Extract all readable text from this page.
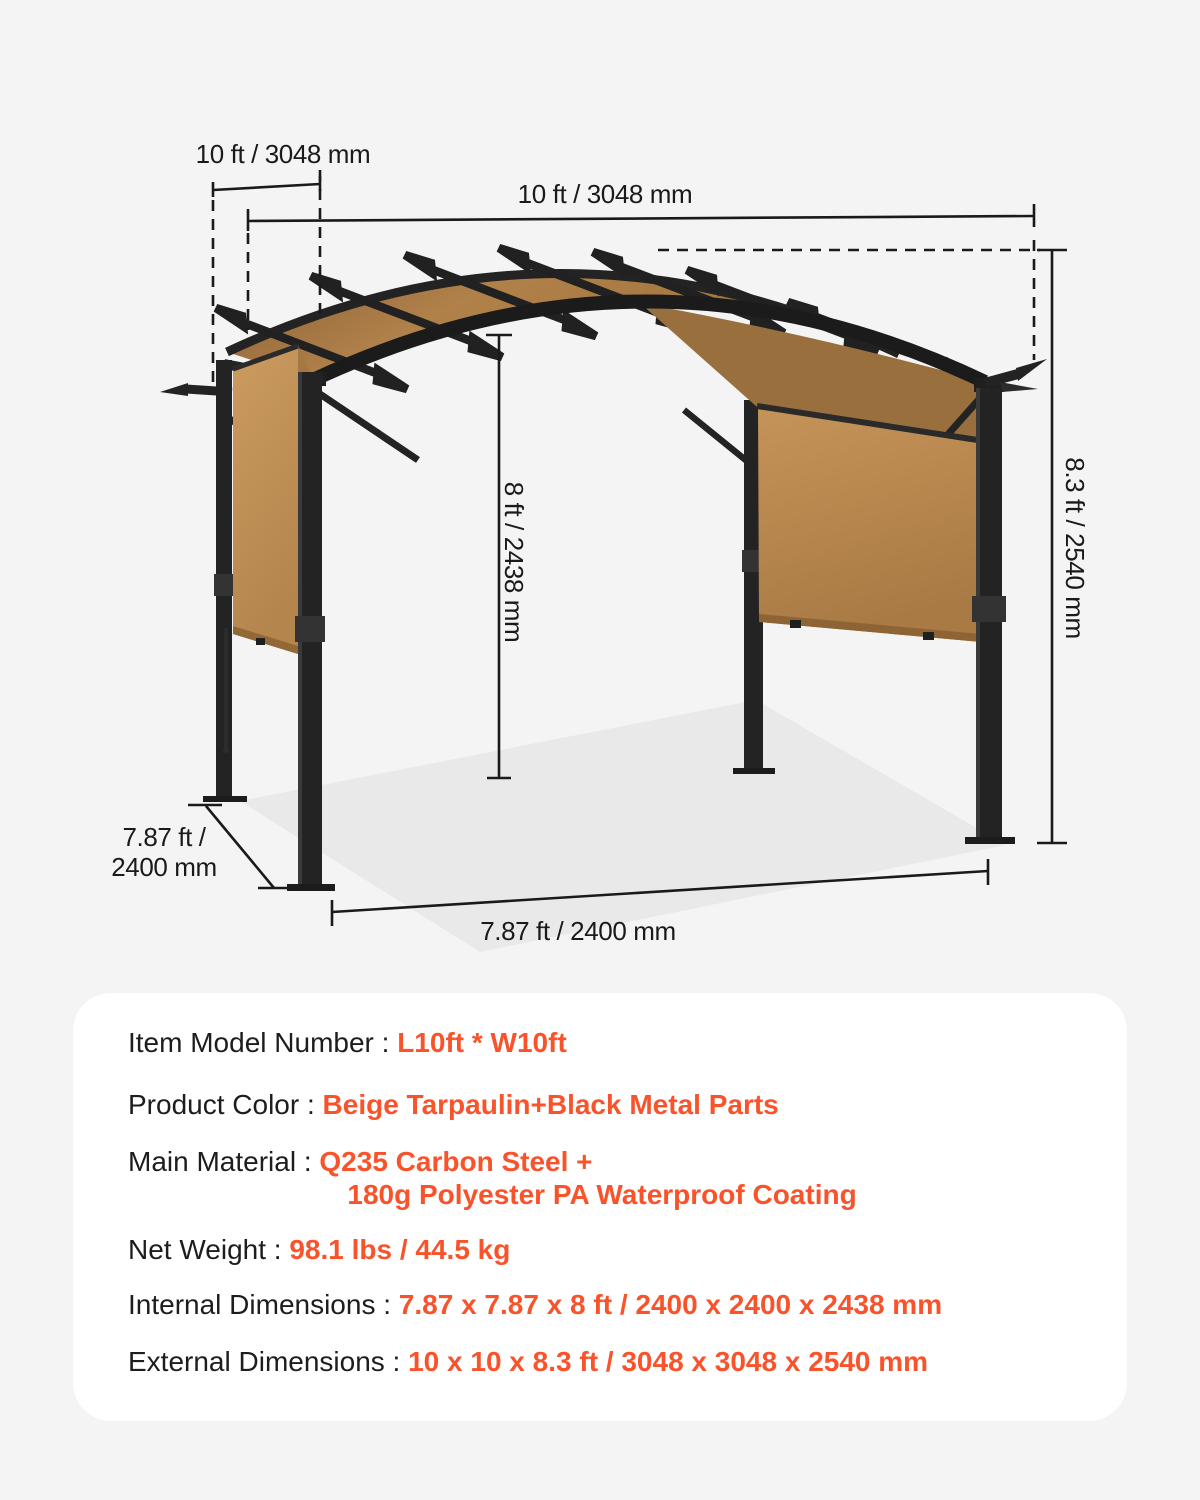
10 ft / 3048 mm
10 ft / 3048 mm
8.3 ft / 2540 mm
8 ft / 2438 mm
7.87 ft / 2400 mm
7.87 ft /
2400 mm
Item Model Number : L10ft * W10ft
Product Color : Beige Tarpaulin+Black Metal Parts
Main Material : Q235 Carbon Steel +
180g Polyester PA Waterproof Coating
Net Weight : 98.1 lbs / 44.5 kg
Internal Dimensions : 7.87 x 7.87 x 8 ft / 2400 x 2400 x 2438 mm
External Dimensions : 10 x 10 x 8.3 ft / 3048 x 3048 x 2540 mm
